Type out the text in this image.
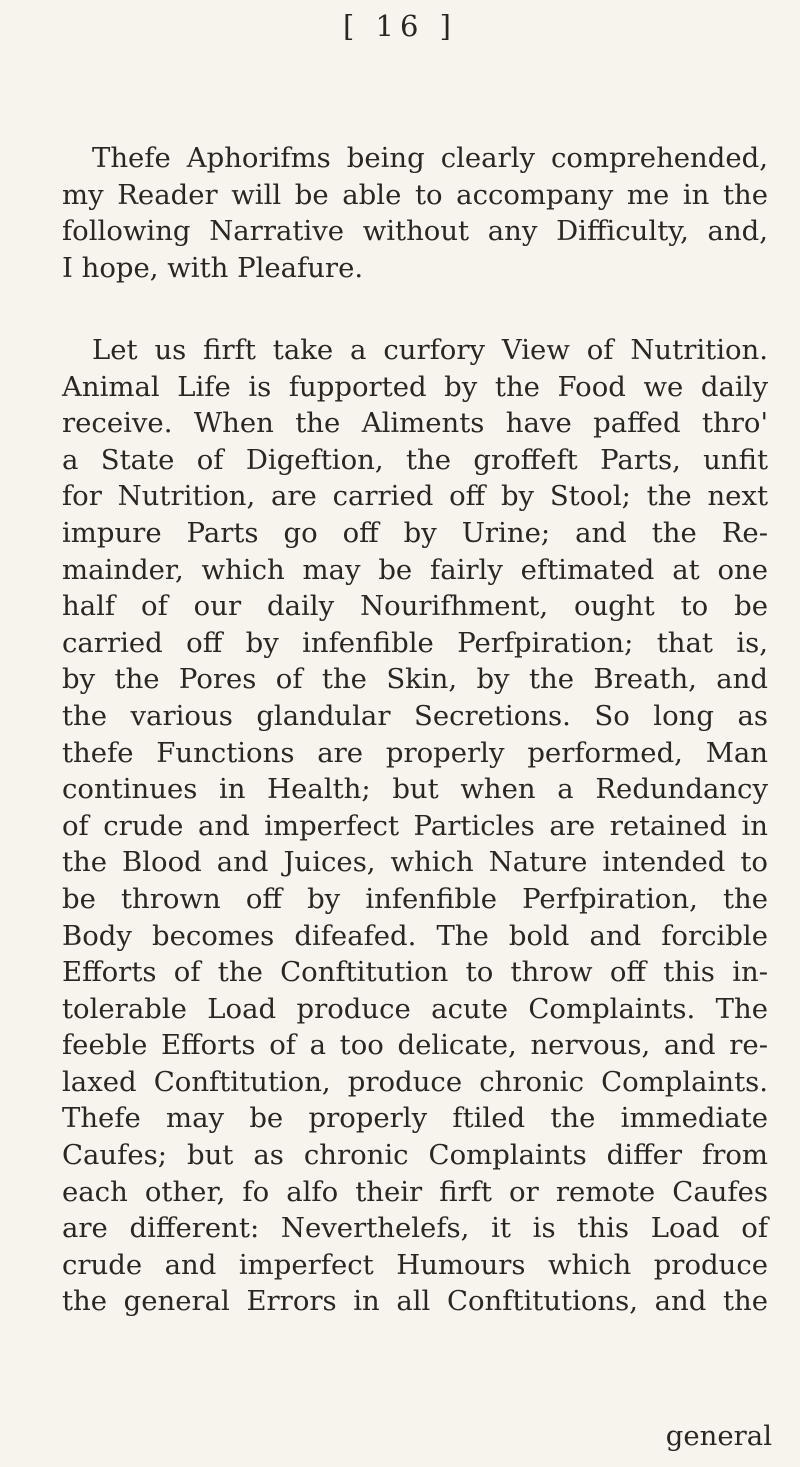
[ 16 ]
Thefe Aphorifms being clearly comprehended,
my Reader will be able to accompany me in the
following Narrative without any Difficulty, and,
I hope, with Pleafure.
Let us firft take a curfory View of Nutrition.
Animal Life is fupported by the Food we daily
receive. When the Aliments have paffed thro'
a State of Digeftion, the groffeft Parts, unfit
for Nutrition, are carried off by Stool; the next
impure Parts go off by Urine; and the Re-
mainder, which may be fairly eftimated at one
half of our daily Nourifhment, ought to be
carried off by infenfible Perfpiration; that is,
by the Pores of the Skin, by the Breath, and
the various glandular Secretions. So long as
thefe Functions are properly performed, Man
continues in Health; but when a Redundancy
of crude and imperfect Particles are retained in
the Blood and Juices, which Nature intended to
be thrown off by infenfible Perfpiration, the
Body becomes difeafed. The bold and forcible
Efforts of the Conftitution to throw off this in-
tolerable Load produce acute Complaints. The
feeble Efforts of a too delicate, nervous, and re-
laxed Conftitution, produce chronic Complaints.
Thefe may be properly ftiled the immediate
Caufes; but as chronic Complaints differ from
each other, fo alfo their firft or remote Caufes
are different: Neverthelefs, it is this Load of
crude and imperfect Humours which produce
the general Errors in all Conftitutions, and the
general
